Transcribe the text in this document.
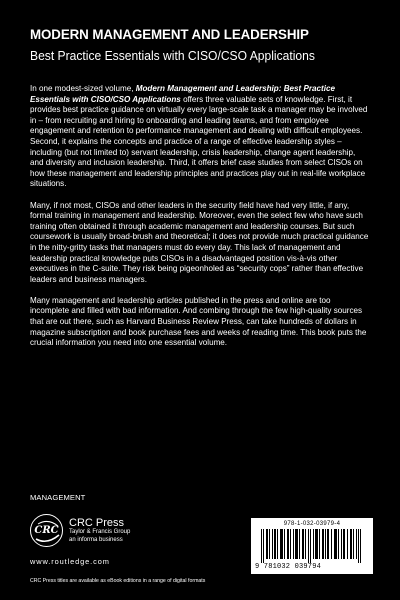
MODERN MANAGEMENT AND LEADERSHIP
Best Practice Essentials with CISO/CSO Applications

In one modest-sized volume, Modern Management and Leadership: Best Practice Essentials with CISO/CSO Applications offers three valuable sets of knowledge. First, it provides best practice guidance on virtually every large-scale task a manager may be involved in – from recruiting and hiring to onboarding and leading teams, and from employee engagement and retention to performance management and dealing with difficult employees. Second, it explains the concepts and practice of a range of effective leadership styles – including (but not limited to) servant leadership, crisis leadership, change agent leadership, and diversity and inclusion leadership. Third, it offers brief case studies from select CISOs on how these management and leadership principles and practices play out in real-life workplace situations.

Many, if not most, CISOs and other leaders in the security field have had very little, if any, formal training in management and leadership. Moreover, even the select few who have such training often obtained it through academic management and leadership courses. But such coursework is usually broad-brush and theoretical; it does not provide much practical guidance in the nitty-gritty tasks that managers must do every day. This lack of management and leadership practical knowledge puts CISOs in a disadvantaged position vis-à-vis other executives in the C-suite. They risk being pigeonholed as “security cops” rather than effective leaders and business managers.

Many management and leadership articles published in the press and online are too incomplete and filled with bad information. And combing through the few high-quality sources that are out there, such as Harvard Business Review Press, can take hundreds of dollars in magazine subscription and book purchase fees and weeks of reading time. This book puts the crucial information you need into one essential volume.

MANAGEMENT
CRC
CRC Press
Taylor & Francis Group
an informa business
www.routledge.com
CRC Press titles are available as eBook editions in a range of digital formats
978-1-032-03979-4
9 781032 039794
